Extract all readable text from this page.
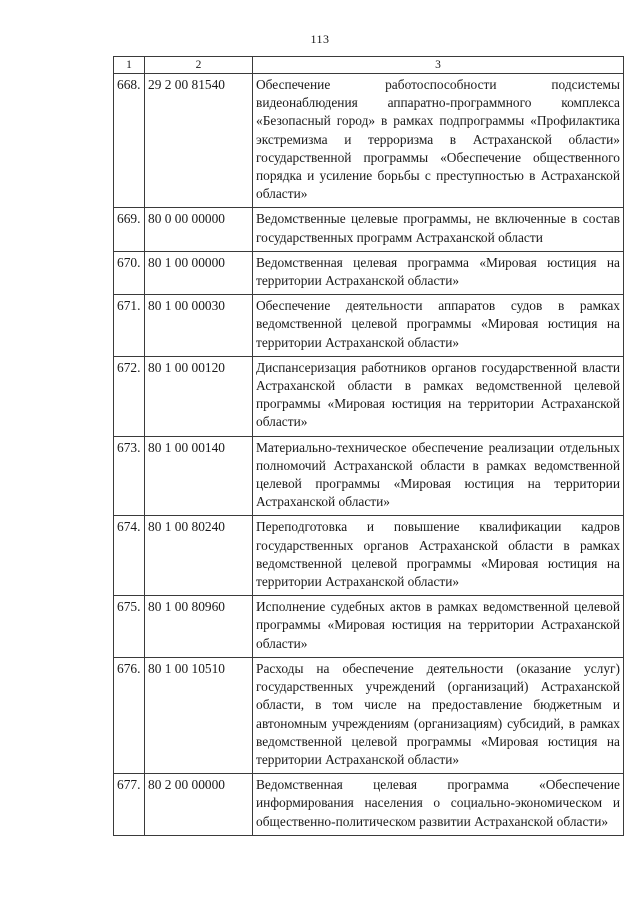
113
1	2	3
668.	29 2 00 81540	Обеспечение работоспособности подсистемы видеонаблюдения аппаратно-программного комплекса «Безопасный город» в рамках подпрограммы «Профилактика экстремизма и терроризма в Астраханской области» государственной программы «Обеспечение общественного порядка и усиление борьбы с преступностью в Астраханской области»
669.	80 0 00 00000	Ведомственные целевые программы, не включенные в состав государственных программ Астраханской области
670.	80 1 00 00000	Ведомственная целевая программа «Мировая юстиция на территории Астраханской области»
671.	80 1 00 00030	Обеспечение деятельности аппаратов судов в рамках ведомственной целевой программы «Мировая юстиция на территории Астраханской области»
672.	80 1 00 00120	Диспансеризация работников органов государственной власти Астраханской области в рамках ведомственной целевой программы «Мировая юстиция на территории Астраханской области»
673.	80 1 00 00140	Материально-техническое обеспечение реализации отдельных полномочий Астраханской области в рамках ведомственной целевой программы «Мировая юстиция на территории Астраханской области»
674.	80 1 00 80240	Переподготовка и повышение квалификации кадров государственных органов Астраханской области в рамках ведомственной целевой программы «Мировая юстиция на территории Астраханской области»
675.	80 1 00 80960	Исполнение судебных актов в рамках ведомственной целевой программы «Мировая юстиция на территории Астраханской области»
676.	80 1 00 10510	Расходы на обеспечение деятельности (оказание услуг) государственных учреждений (организаций) Астраханской области, в том числе на предоставление бюджетным и автономным учреждениям (организациям) субсидий, в рамках ведомственной целевой программы «Мировая юстиция на территории Астраханской области»
677.	80 2 00 00000	Ведомственная целевая программа «Обеспечение информирования населения о социально-экономическом и общественно-политическом развитии Астраханской области»
